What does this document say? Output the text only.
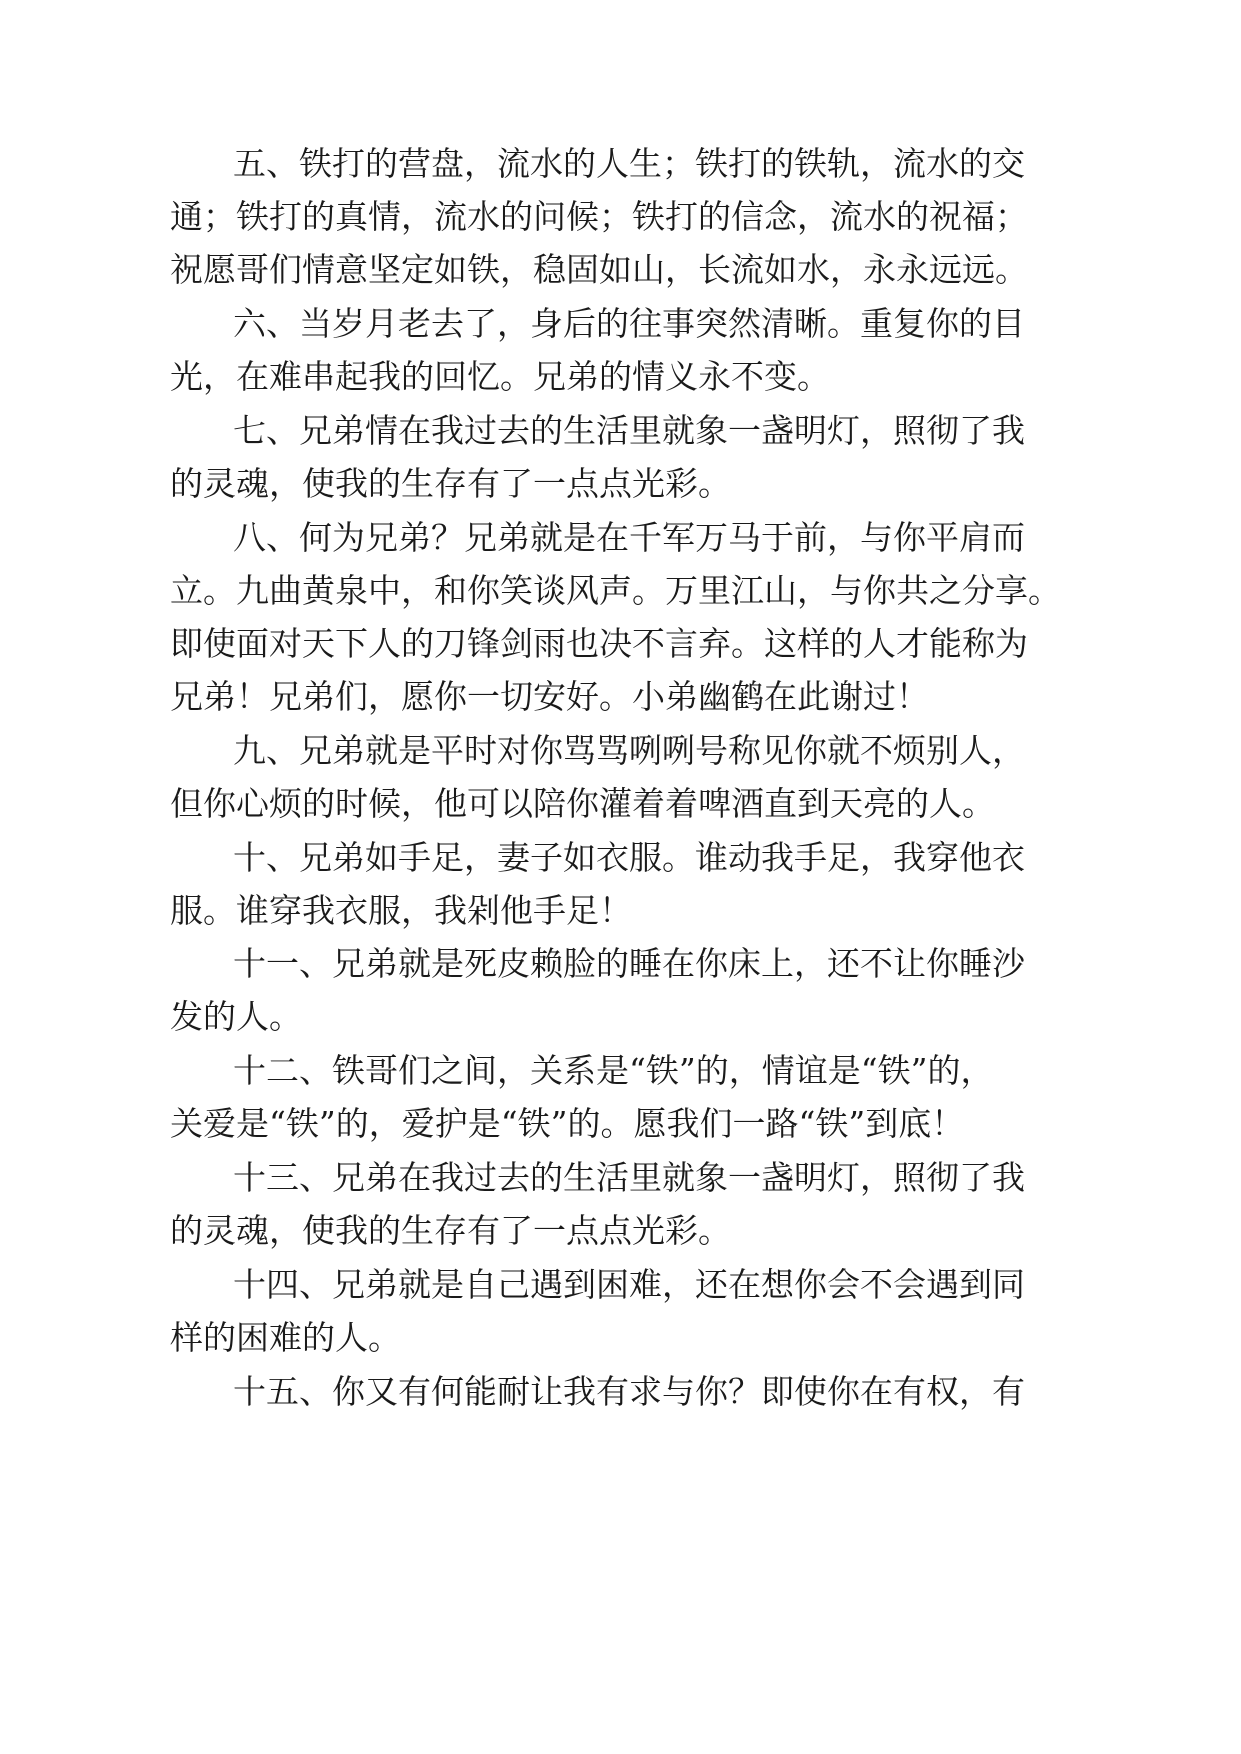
五、铁打的营盘，流水的人生；铁打的铁轨，流水的交
通；铁打的真情，流水的问候；铁打的信念，流水的祝福；
祝愿哥们情意坚定如铁，稳固如山，长流如水，永永远远。
六、当岁月老去了，身后的往事突然清晰。重复你的目
光，在难串起我的回忆。兄弟的情义永不变。
七、兄弟情在我过去的生活里就象一盏明灯，照彻了我
的灵魂，使我的生存有了一点点光彩。
八、何为兄弟？兄弟就是在千军万马于前，与你平肩而
立。九曲黄泉中，和你笑谈风声。万里江山，与你共之分享。
即使面对天下人的刀锋剑雨也决不言弃。这样的人才能称为
兄弟！兄弟们，愿你一切安好。小弟幽鹤在此谢过！
九、兄弟就是平时对你骂骂咧咧号称见你就不烦别人，
但你心烦的时候，他可以陪你灌着着啤酒直到天亮的人。
十、兄弟如手足，妻子如衣服。谁动我手足，我穿他衣
服。谁穿我衣服，我剁他手足！
十一、兄弟就是死皮赖脸的睡在你床上，还不让你睡沙
发的人。
十二、铁哥们之间，关系是“铁”的，情谊是“铁”的，
关爱是“铁”的，爱护是“铁”的。愿我们一路“铁”到底！
十三、兄弟在我过去的生活里就象一盏明灯，照彻了我
的灵魂，使我的生存有了一点点光彩。
十四、兄弟就是自己遇到困难，还在想你会不会遇到同
样的困难的人。
十五、你又有何能耐让我有求与你？即使你在有权，有
